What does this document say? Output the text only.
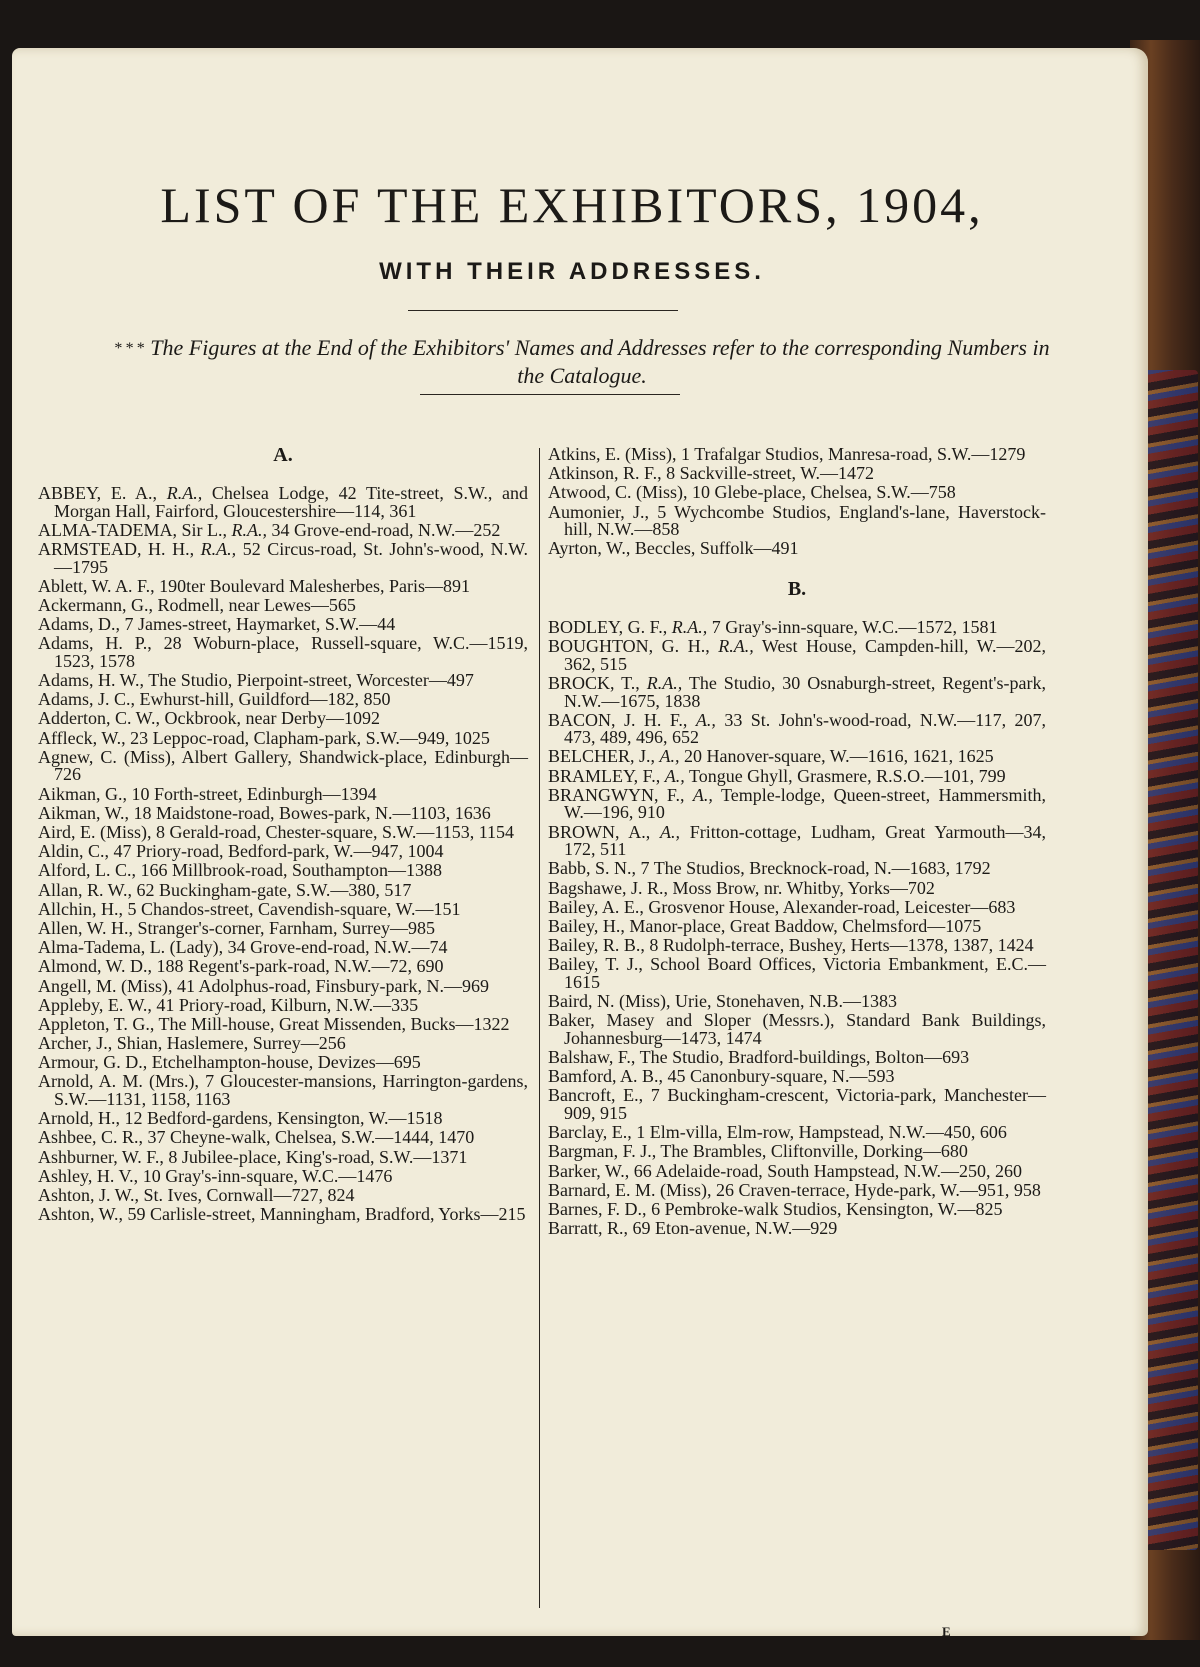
LIST OF THE EXHIBITORS, 1904,
WITH THEIR ADDRESSES.
* * * The Figures at the End of the Exhibitors' Names and Addresses refer to the corresponding Numbers in the Catalogue.
A.
ABBEY, E. A., R.A., Chelsea Lodge, 42 Tite-street, S.W., and Morgan Hall, Fairford, Gloucestershire—114, 361
ALMA-TADEMA, Sir L., R.A., 34 Grove-end-road, N.W.—252
ARMSTEAD, H. H., R.A., 52 Circus-road, St. John's-wood, N.W.—1795
Ablett, W. A. F., 190ter Boulevard Malesherbes, Paris—891
Ackermann, G., Rodmell, near Lewes—565
Adams, D., 7 James-street, Haymarket, S.W.—44
Adams, H. P., 28 Woburn-place, Russell-square, W.C.—1519, 1523, 1578
Adams, H. W., The Studio, Pierpoint-street, Worcester—497
Adams, J. C., Ewhurst-hill, Guildford—182, 850
Adderton, C. W., Ockbrook, near Derby—1092
Affleck, W., 23 Leppoc-road, Clapham-park, S.W.—949, 1025
Agnew, C. (Miss), Albert Gallery, Shandwick-place, Edinburgh—726
Aikman, G., 10 Forth-street, Edinburgh—1394
Aikman, W., 18 Maidstone-road, Bowes-park, N.—1103, 1636
Aird, E. (Miss), 8 Gerald-road, Chester-square, S.W.—1153, 1154
Aldin, C., 47 Priory-road, Bedford-park, W.—947, 1004
Alford, L. C., 166 Millbrook-road, Southampton—1388
Allan, R. W., 62 Buckingham-gate, S.W.—380, 517
Allchin, H., 5 Chandos-street, Cavendish-square, W.—151
Allen, W. H., Stranger's-corner, Farnham, Surrey—985
Alma-Tadema, L. (Lady), 34 Grove-end-road, N.W.—74
Almond, W. D., 188 Regent's-park-road, N.W.—72, 690
Angell, M. (Miss), 41 Adolphus-road, Finsbury-park, N.—969
Appleby, E. W., 41 Priory-road, Kilburn, N.W.—335
Appleton, T. G., The Mill-house, Great Missenden, Bucks—1322
Archer, J., Shian, Haslemere, Surrey—256
Armour, G. D., Etchelhampton-house, Devizes—695
Arnold, A. M. (Mrs.), 7 Gloucester-mansions, Harrington-gardens, S.W.—1131, 1158, 1163
Arnold, H., 12 Bedford-gardens, Kensington, W.—1518
Ashbee, C. R., 37 Cheyne-walk, Chelsea, S.W.—1444, 1470
Ashburner, W. F., 8 Jubilee-place, King's-road, S.W.—1371
Ashley, H. V., 10 Gray's-inn-square, W.C.—1476
Ashton, J. W., St. Ives, Cornwall—727, 824
Ashton, W., 59 Carlisle-street, Manningham, Bradford, Yorks—215
Atkins, E. (Miss), 1 Trafalgar Studios, Manresa-road, S.W.—1279
Atkinson, R. F., 8 Sackville-street, W.—1472
Atwood, C. (Miss), 10 Glebe-place, Chelsea, S.W.—758
Aumonier, J., 5 Wychcombe Studios, England's-lane, Haverstock-hill, N.W.—858
Ayrton, W., Beccles, Suffolk—491
B.
BODLEY, G. F., R.A., 7 Gray's-inn-square, W.C.—1572, 1581
BOUGHTON, G. H., R.A., West House, Campden-hill, W.—202, 362, 515
BROCK, T., R.A., The Studio, 30 Osnaburgh-street, Regent's-park, N.W.—1675, 1838
BACON, J. H. F., A., 33 St. John's-wood-road, N.W.—117, 207, 473, 489, 496, 652
BELCHER, J., A., 20 Hanover-square, W.—1616, 1621, 1625
BRAMLEY, F., A., Tongue Ghyll, Grasmere, R.S.O.—101, 799
BRANGWYN, F., A., Temple-lodge, Queen-street, Hammersmith, W.—196, 910
BROWN, A., A., Fritton-cottage, Ludham, Great Yarmouth—34, 172, 511
Babb, S. N., 7 The Studios, Brecknock-road, N.—1683, 1792
Bagshawe, J. R., Moss Brow, nr. Whitby, Yorks—702
Bailey, A. E., Grosvenor House, Alexander-road, Leicester—683
Bailey, H., Manor-place, Great Baddow, Chelmsford—1075
Bailey, R. B., 8 Rudolph-terrace, Bushey, Herts—1378, 1387, 1424
Bailey, T. J., School Board Offices, Victoria Embankment, E.C.—1615
Baird, N. (Miss), Urie, Stonehaven, N.B.—1383
Baker, Masey and Sloper (Messrs.), Standard Bank Buildings, Johannesburg—1473, 1474
Balshaw, F., The Studio, Bradford-buildings, Bolton—693
Bamford, A. B., 45 Canonbury-square, N.—593
Bancroft, E., 7 Buckingham-crescent, Victoria-park, Manchester—909, 915
Barclay, E., 1 Elm-villa, Elm-row, Hampstead, N.W.—450, 606
Bargman, F. J., The Brambles, Cliftonville, Dorking—680
Barker, W., 66 Adelaide-road, South Hampstead, N.W.—250, 260
Barnard, E. M. (Miss), 26 Craven-terrace, Hyde-park, W.—951, 958
Barnes, F. D., 6 Pembroke-walk Studios, Kensington, W.—825
Barratt, R., 69 Eton-avenue, N.W.—929
E
